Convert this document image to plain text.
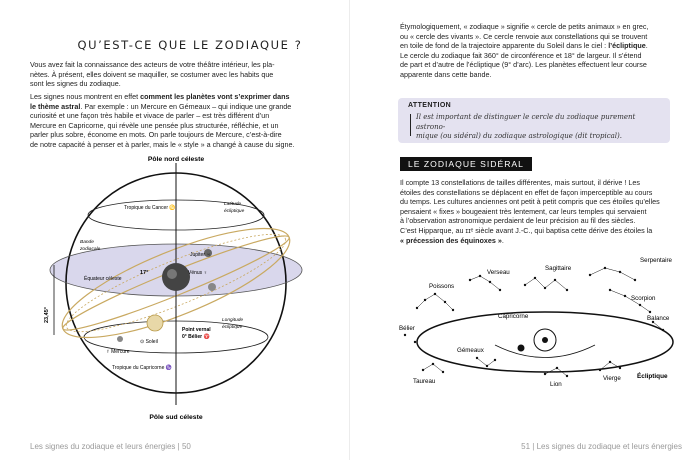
QU’EST-CE QUE LE ZODIAQUE ?

Vous avez fait la connaissance des acteurs de votre théâtre intérieur, les pla-
nètes. À présent, elles doivent se maquiller, se costumer avec les habits que
sont les signes du zodiaque.

Les signes nous montrent en effet comment les planètes vont s’exprimer dans
le thème astral. Par exemple : un Mercure en Gémeaux – qui indique une grande
curiosité et une façon très habile et vivace de parler – est très différent d’un
Mercure en Capricorne, qui révèle une pensée plus structurée, réfléchie, et un
parler plus sobre, économe en mots. On parle toujours de Mercure, c’est-à-dire
de notre capacité à penser et à parler, mais le « style » a changé à cause du signe.

Pôle nord céleste
Pôle sud céleste
Tropique du Cancer ♋
Tropique du Capricorne ♑
Équateur céleste
Bande
zodiacale
Latitude
écliptique
Longitude
écliptique
Jupiter ♃
Vénus ♀
⊙ Soleil
☿ Mercure
Point vernal
0° Bélier ♈
17°
23,45°
Les signes du zodiaque et leurs énergies | 50

Étymologiquement, « zodiaque » signifie « cercle de petits animaux » en grec,
ou « cercle des vivants ». Ce cercle renvoie aux constellations qui se trouvent
en toile de fond de la trajectoire apparente du Soleil dans le ciel : l’écliptique.
Le cercle du zodiaque fait 360° de circonférence et 18° de largeur. Il s’étend
de part et d’autre de l’écliptique (9° d’arc). Les planètes effectuent leur course
apparente dans cette bande.

ATTENTION
Il est important de distinguer le cercle du zodiaque purement astrono-
mique (ou sidéral) du zodiaque astrologique (dit tropical).
LE ZODIAQUE SIDÉRAL

Il compte 13 constellations de tailles différentes, mais surtout, il dérive ! Les
étoiles des constellations se déplacent en effet de façon imperceptible au cours
du temps. Les cultures anciennes ont petit à petit compris que ces étoiles qu’elles
pensaient « fixes » bougeaient très lentement, car leurs temples qui servaient
à l’observation astronomique perdaient de leur précision au fil des siècles.
C’est Hipparque, au ɪɪᵉ siècle avant J.-C., qui baptisa cette dérive des étoiles la
« précession des équinoxes ».

Poissons
Verseau
Sagittaire
Serpentaire
Scorpion
Balance
Bélier
Capricorne
Gémeaux
Taureau	Lion
Vierge	Écliptique
51 | Les signes du zodiaque et leurs énergies
